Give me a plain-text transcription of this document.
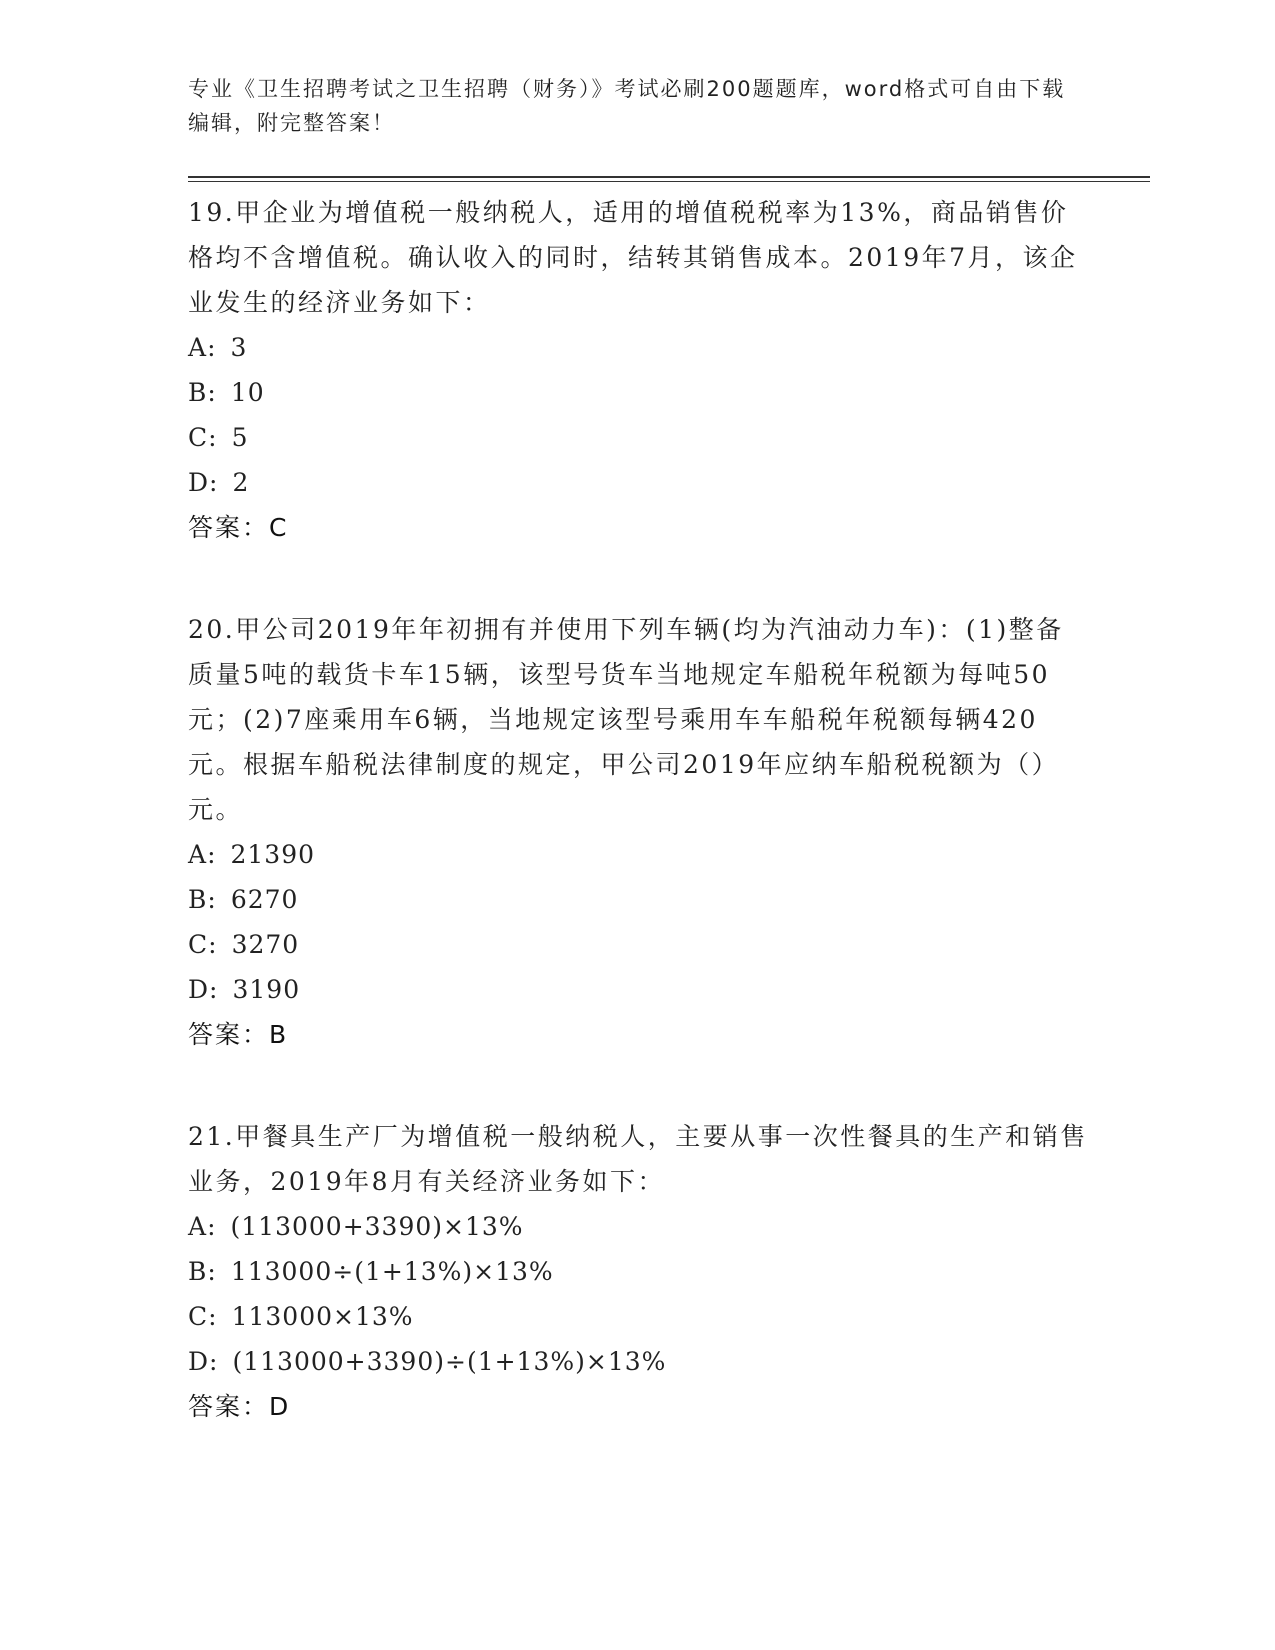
专业《卫生招聘考试之卫生招聘（财务）》考试必刷200题题库，word格式可自由下载编辑，附完整答案！
19.甲企业为增值税一般纳税人，适用的增值税税率为13%，商品销售价格均不含增值税。确认收入的同时，结转其销售成本。2019年7月，该企业发生的经济业务如下：
A: 3
B: 10
C: 5
D: 2
答案：C
20.甲公司2019年年初拥有并使用下列车辆(均为汽油动力车)：(1)整备质量5吨的载货卡车15辆，该型号货车当地规定车船税年税额为每吨50元；(2)7座乘用车6辆，当地规定该型号乘用车车船税年税额每辆420元。根据车船税法律制度的规定，甲公司2019年应纳车船税税额为（）元。
A: 21390
B: 6270
C: 3270
D: 3190
答案：B
21.甲餐具生产厂为增值税一般纳税人，主要从事一次性餐具的生产和销售业务，2019年8月有关经济业务如下：
A: (113000+3390)×13%
B: 113000÷(1+13%)×13%
C: 113000×13%
D: (113000+3390)÷(1+13%)×13%
答案：D
